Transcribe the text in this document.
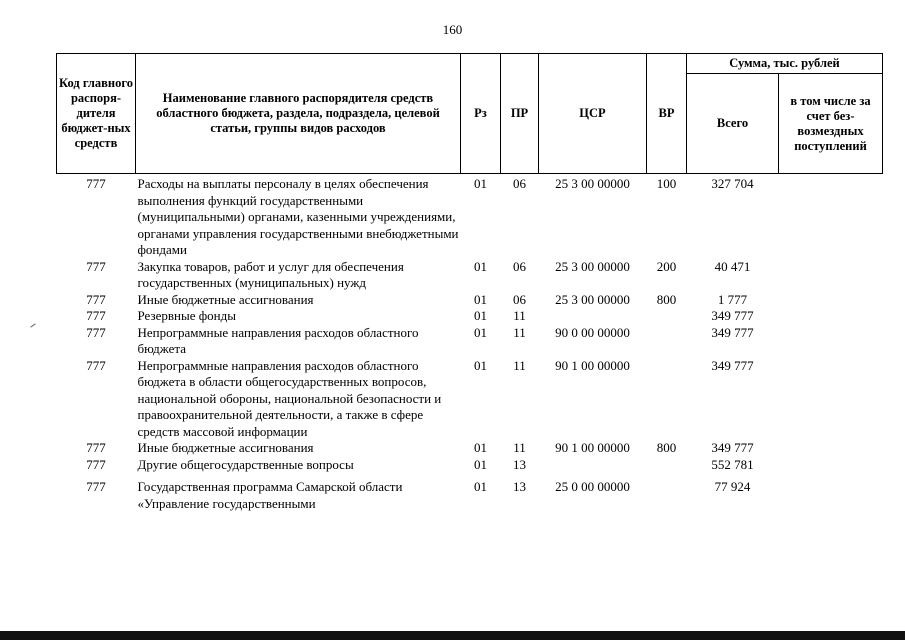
160
Код главного распоря-дителя бюджет-ных средств	Наименование главного распорядителя средств областного бюджета, раздела, подраздела, целевой статьи, группы видов расходов	Рз	ПР	ЦСР	ВР	Сумма, тыс. рублей	
						Всего	в том числе за счет без-возмездных поступлений
777	Расходы на выплаты персоналу в целях обеспечения выполнения функций государственными (муниципальными) органами, казенными учреждениями, органами управления государственными внебюджетными фондами	01	06	25 3 00 00000	100	327 704	
777	Закупка товаров, работ и услуг для обеспечения государственных (муниципальных) нужд	01	06	25 3 00 00000	200	40 471	
777	Иные бюджетные ассигнования	01	06	25 3 00 00000	800	1 777	
777	Резервные фонды	01	11			349 777	
777	Непрограммные направления расходов областного бюджета	01	11	90 0 00 00000		349 777	
777	Непрограммные направления расходов областного бюджета в области общегосударственных вопросов, национальной обороны, национальной безопасности и правоохранительной деятельности, а также в сфере средств массовой информации	01	11	90 1 00 00000		349 777	
777	Иные бюджетные ассигнования	01	11	90 1 00 00000	800	349 777	
777	Другие общегосударственные вопросы	01	13			552 781	
777	Государственная программа Самарской области «Управление государственными	01	13	25 0 00 00000		77 924	
